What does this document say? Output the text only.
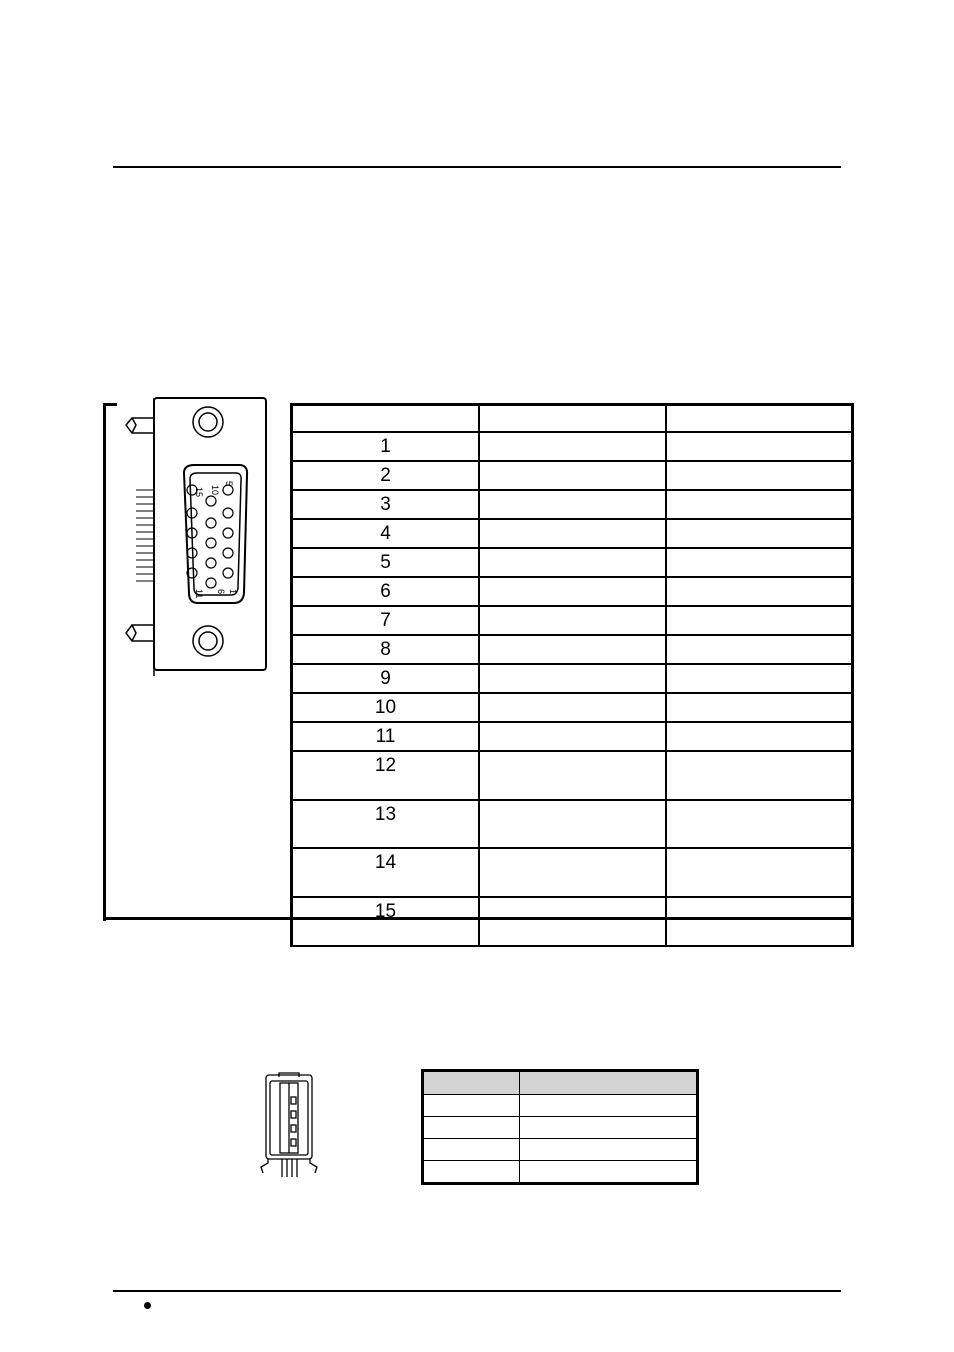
1		
2		
3		
4		
5		
6		
7		
8		
9		
10		
11		
12		
13		
14		
15		
15 10
5
11 6 1
